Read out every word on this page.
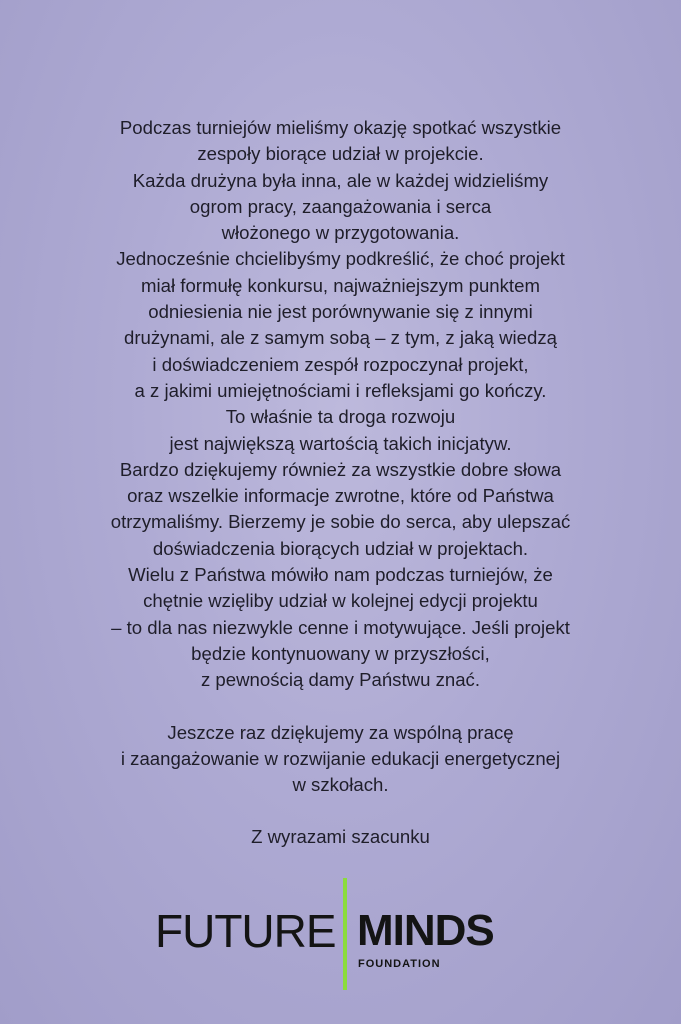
Podczas turniejów mieliśmy okazję spotkać wszystkie
zespoły biorące udział w projekcie.
Każda drużyna była inna, ale w każdej widzieliśmy
ogrom pracy, zaangażowania i serca
włożonego w przygotowania.
Jednocześnie chcielibyśmy podkreślić, że choć projekt
miał formułę konkursu, najważniejszym punktem
odniesienia nie jest porównywanie się z innymi
drużynami, ale z samym sobą – z tym, z jaką wiedzą
i doświadczeniem zespół rozpoczynał projekt,
a z jakimi umiejętnościami i refleksjami go kończy.
To właśnie ta droga rozwoju
jest największą wartością takich inicjatyw.
Bardzo dziękujemy również za wszystkie dobre słowa
oraz wszelkie informacje zwrotne, które od Państwa
otrzymaliśmy. Bierzemy je sobie do serca, aby ulepszać
doświadczenia biorących udział w projektach.
Wielu z Państwa mówiło nam podczas turniejów, że
chętnie wzięliby udział w kolejnej edycji projektu
– to dla nas niezwykle cenne i motywujące. Jeśli projekt
będzie kontynuowany w przyszłości,
z pewnością damy Państwu znać.
Jeszcze raz dziękujemy za wspólną pracę
i zaangażowanie w rozwijanie edukacji energetycznej
w szkołach.
Z wyrazami szacunku
FUTURE MINDS
FOUNDATION
